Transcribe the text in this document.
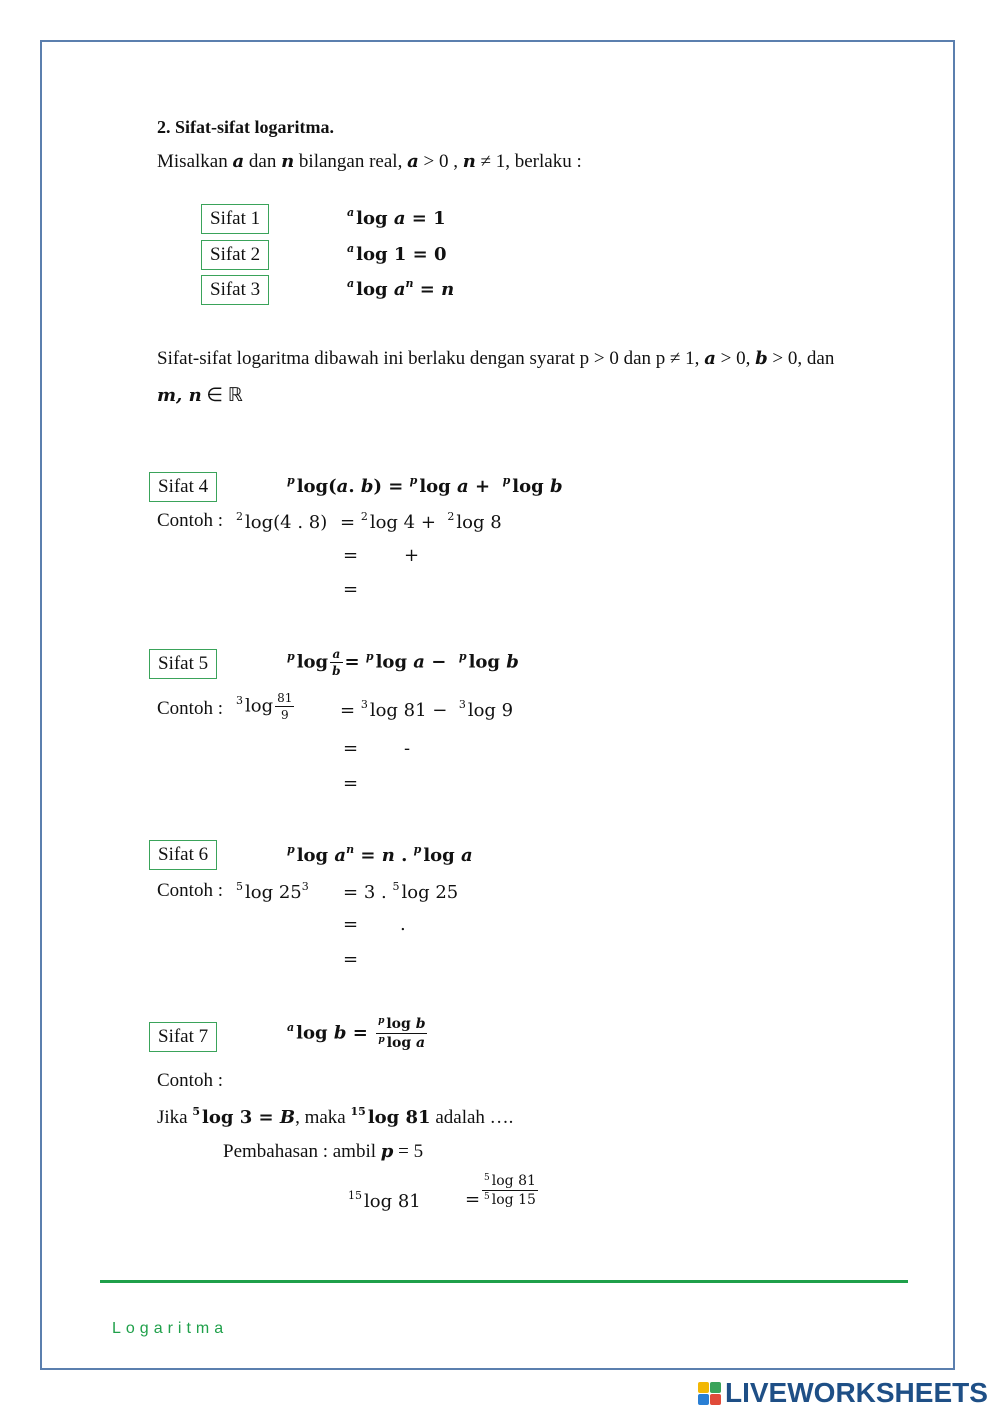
2. Sifat-sifat logaritma.
Misalkan a dan n bilangan real, a > 0 , n ≠ 1, berlaku :
Sifat 1	$^a$ log a = 1
Sifat 2	$^a$ log 1 = 0
Sifat 3	$^a$ $\log a^n = n$
Sifat-sifat logaritma dibawah ini berlaku dengan syarat p > 0 dan p ≠ 1, a > 0, b > 0, dan
m, n ∈ ℝ
Sifat 4	$^p$ log(a. b) = $^p$ log a +  $^p$ log b
Contoh : $^2$ log(4 . 8) = $^2$ log 4 +  $^2$ log 8
=	+
=
Sifat 5	$^p$ $\log \frac{a}{b} = ^p$ log a −  $^p$ log b
Contoh : $^3$ $\log \frac{81}{9}$	= $^3$ log 81 −  $^3$ log 9
=	-
=
Sifat 6	$^p$ $\log a^n = n$ . $^p$ log a
Contoh : $^5$ $\log 25^3 = 3$ . $^5$ log 25
= .
=
Sifat 7	$^a$ $\log b = \frac{^p \log b}{^p \log a}$
Contoh :
Jika $^5$ log 3 = B, maka $^{15}$ log 81 adalah ….
Pembahasan : ambil p = 5
$^{15}$ $\log 81 = \frac{^5 \log 81}{^5 \log 15}$
Logaritma
LIVEWORKSHEETS
